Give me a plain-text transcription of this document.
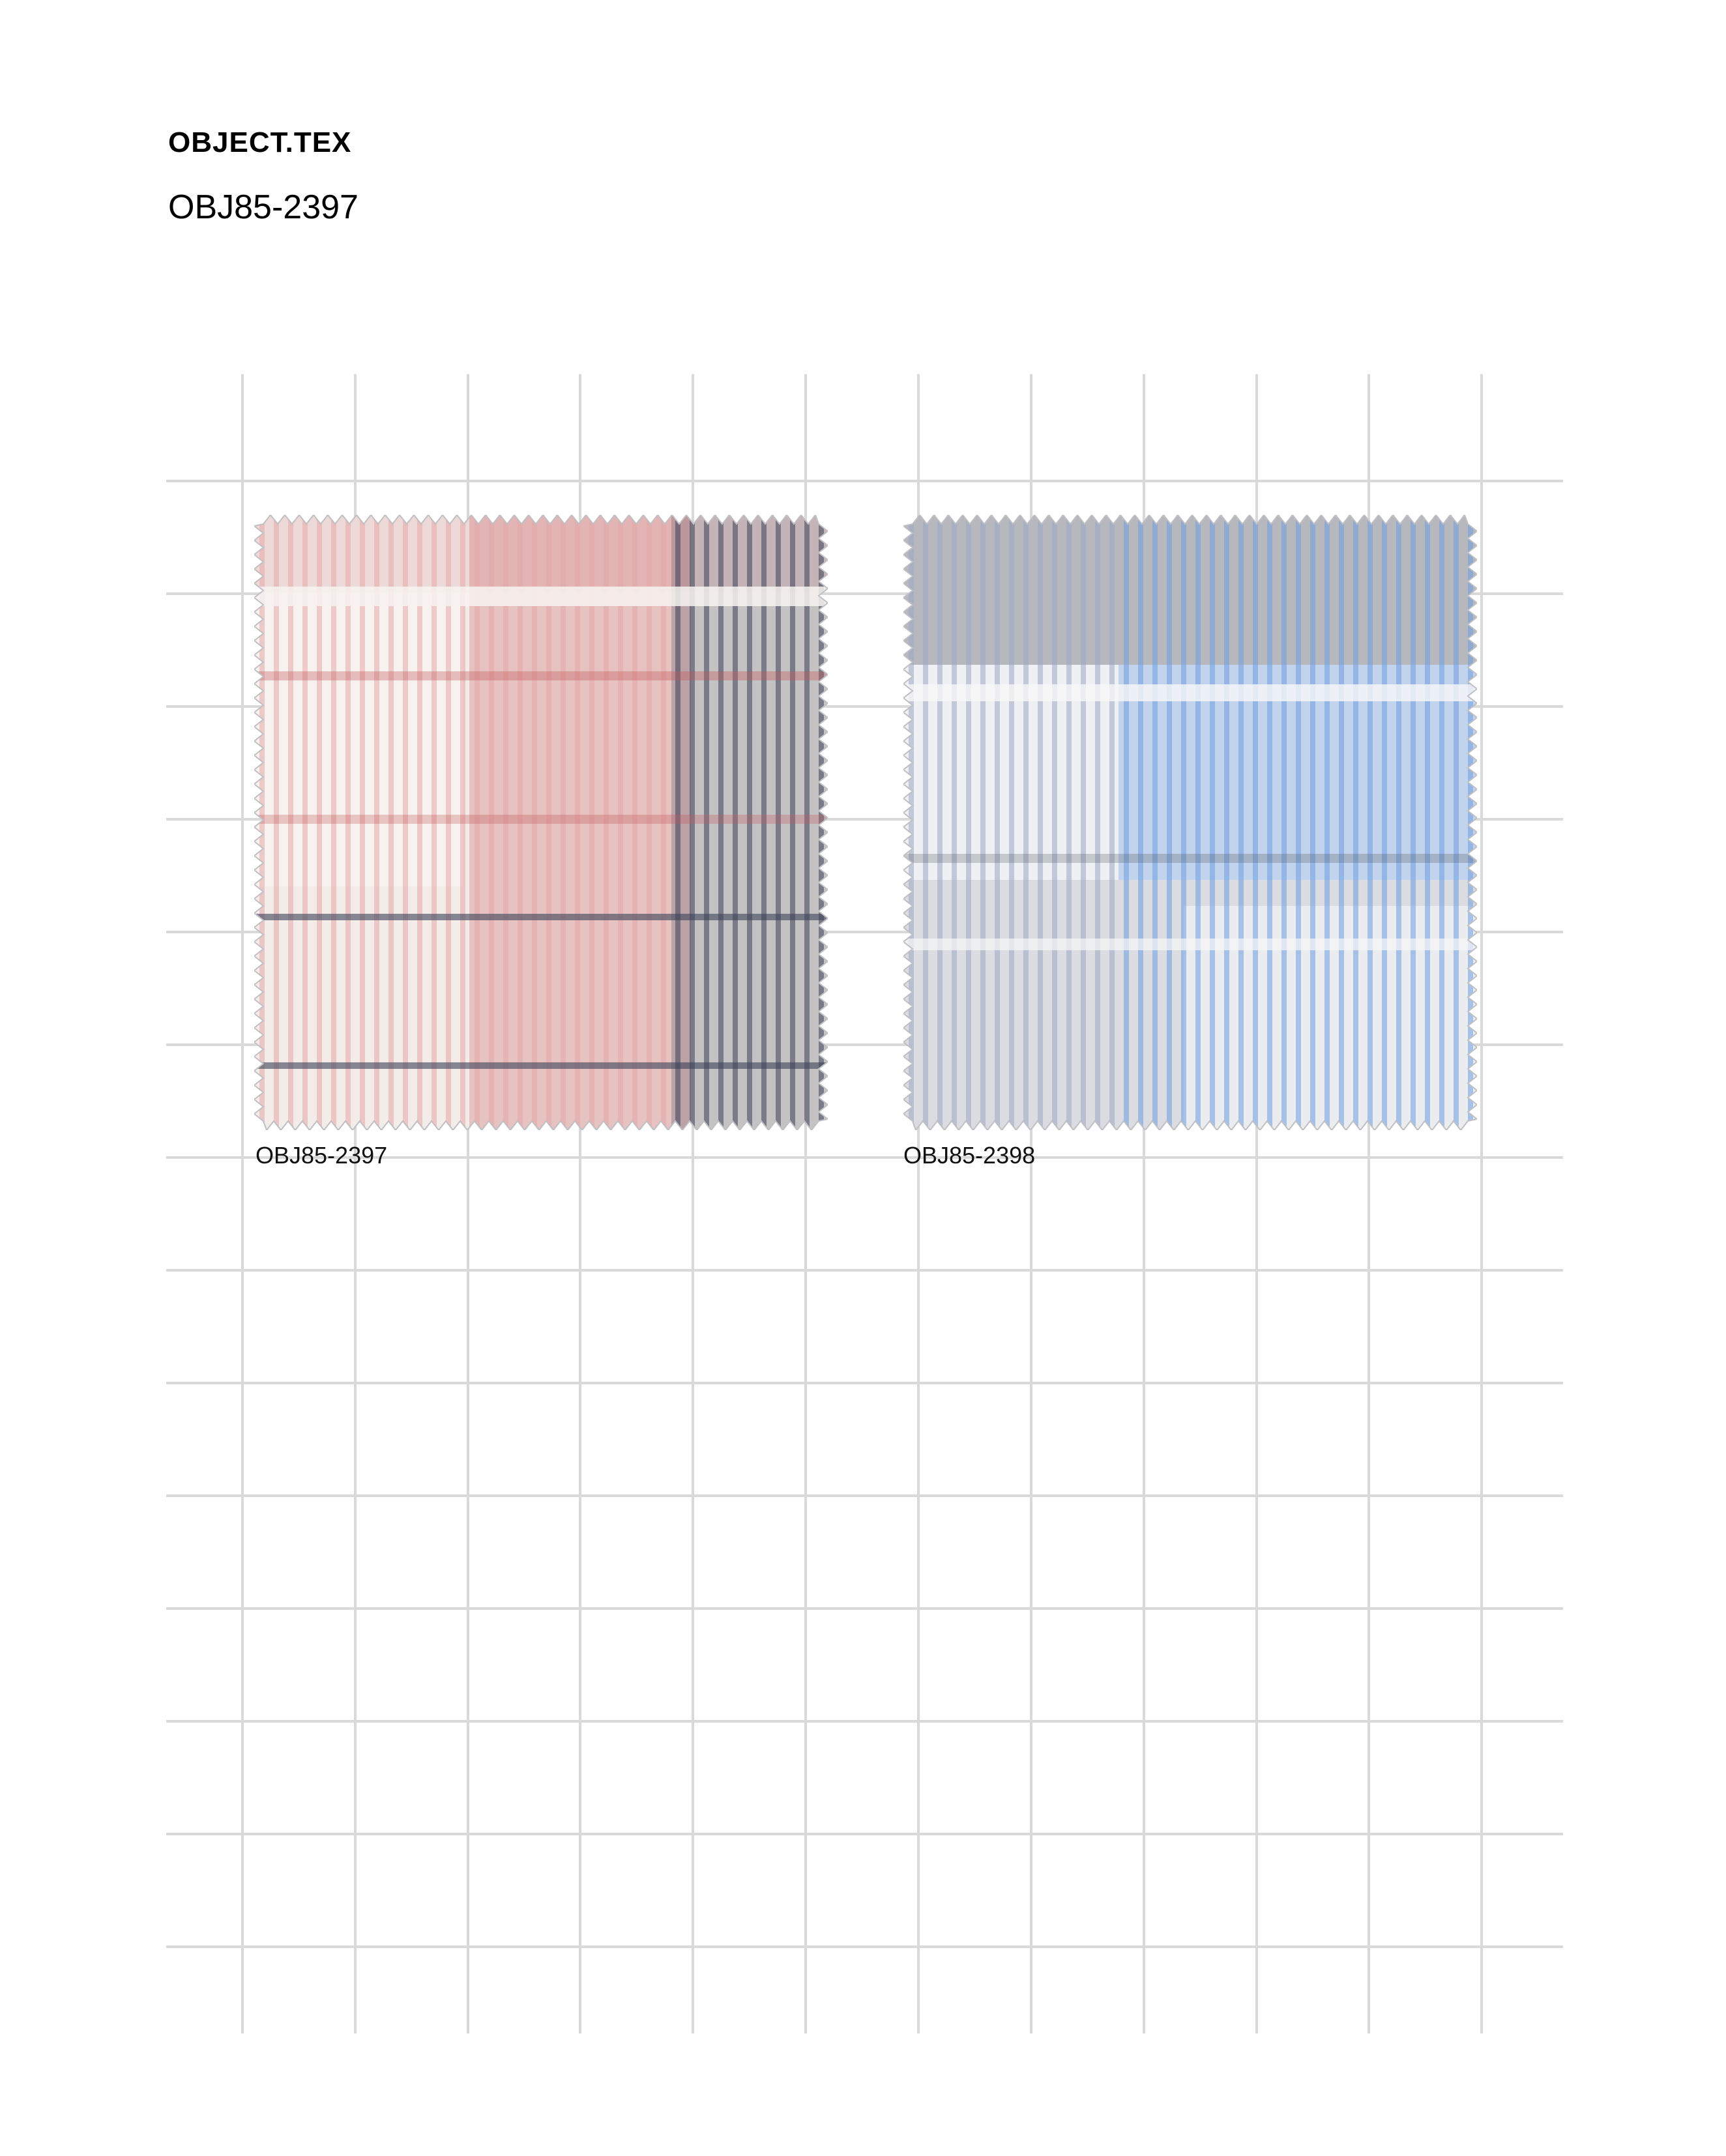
OBJECT.TEX
OBJ85-2397
OBJ85-2397	OBJ85-2398
